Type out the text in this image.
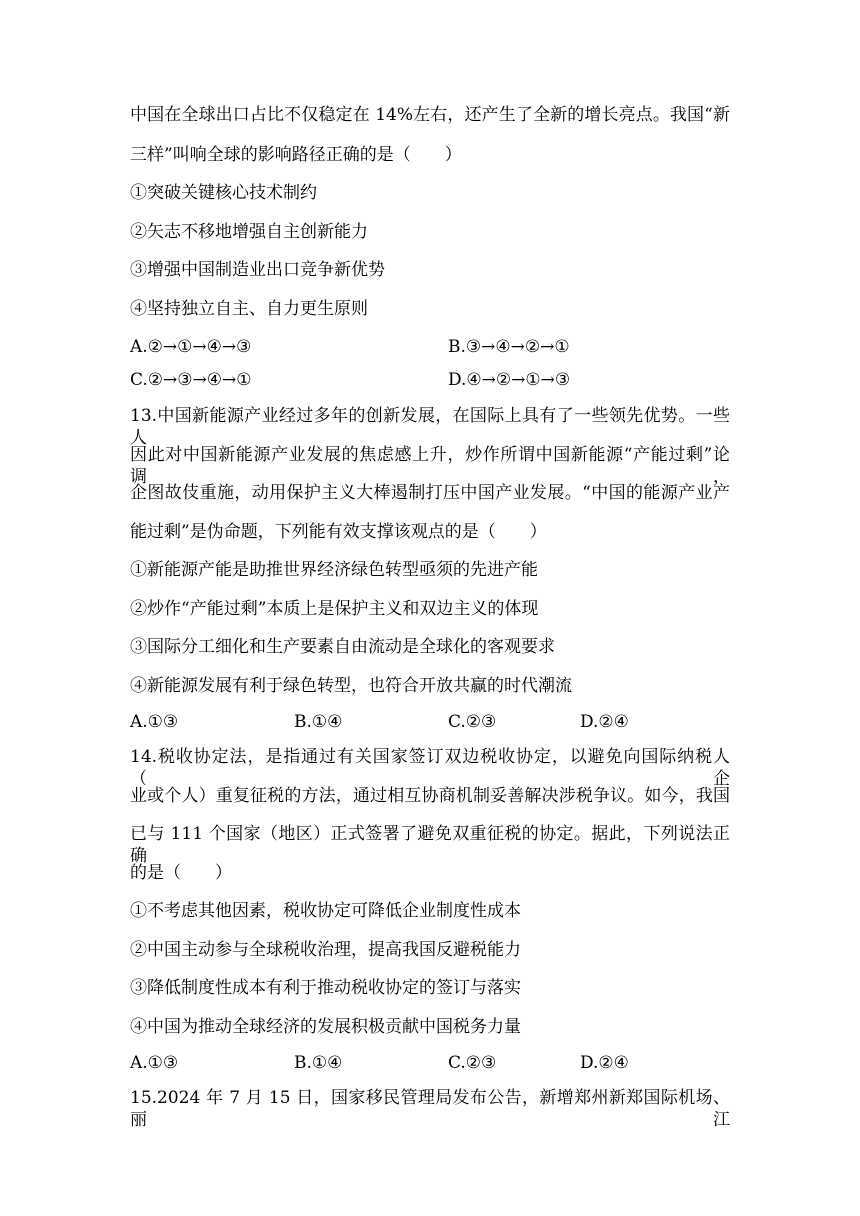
中国在全球出口占比不仅稳定在 14%左右，还产生了全新的增长亮点。我国“新
三样”叫响全球的影响路径正确的是（　　）
①突破关键核心技术制约
②矢志不移地增强自主创新能力
③增强中国制造业出口竞争新优势
④坚持独立自主、自力更生原则
A.②→①→④→③	B.③→④→②→①
C.②→③→④→①	D.④→②→①→③
13.中国新能源产业经过多年的创新发展，在国际上具有了一些领先优势。一些人
因此对中国新能源产业发展的焦虑感上升，炒作所谓中国新能源“产能过剩”论调，
企图故伎重施，动用保护主义大棒遏制打压中国产业发展。“中国的能源产业产
能过剩”是伪命题，下列能有效支撑该观点的是（　　）
①新能源产能是助推世界经济绿色转型亟须的先进产能
②炒作“产能过剩”本质上是保护主义和双边主义的体现
③国际分工细化和生产要素自由流动是全球化的客观要求
④新能源发展有利于绿色转型，也符合开放共赢的时代潮流
A.①③	B.①④	C.②③	D.②④
14.税收协定法，是指通过有关国家签订双边税收协定，以避免向国际纳税人（企
业或个人）重复征税的方法，通过相互协商机制妥善解决涉税争议。如今，我国
已与 111 个国家（地区）正式签署了避免双重征税的协定。据此，下列说法正确
的是（　　）
①不考虑其他因素，税收协定可降低企业制度性成本
②中国主动参与全球税收治理，提高我国反避税能力
③降低制度性成本有利于推动税收协定的签订与落实
④中国为推动全球经济的发展积极贡献中国税务力量
A.①③	B.①④	C.②③	D.②④
15.2024 年 7 月 15 日，国家移民管理局发布公告，新增郑州新郑国际机场、丽江
